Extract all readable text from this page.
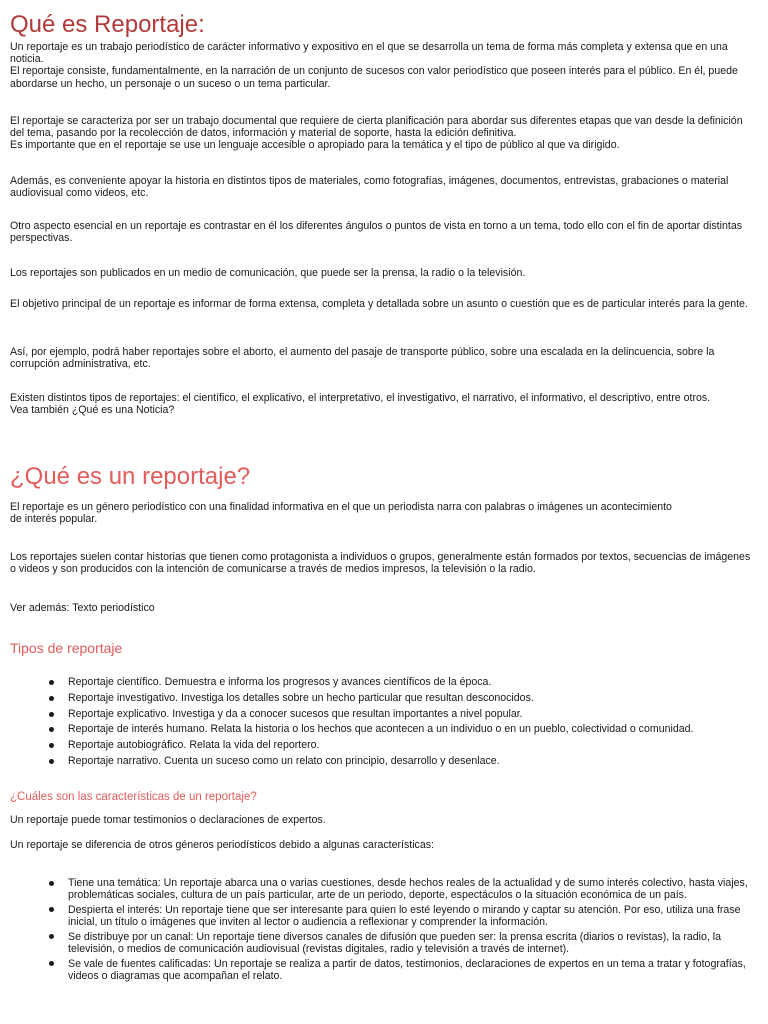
Qué es Reportaje:

Un reportaje es un trabajo periodístico de carácter informativo y expositivo en el que se desarrolla un tema de forma más completa y extensa que en una noticia.
El reportaje consiste, fundamentalmente, en la narración de un conjunto de sucesos con valor periodístico que poseen interés para el público. En él, puede abordarse un hecho, un personaje o un suceso o un tema particular.

El reportaje se caracteriza por ser un trabajo documental que requiere de cierta planificación para abordar sus diferentes etapas que van desde la definición del tema, pasando por la recolección de datos, información y material de soporte, hasta la edición definitiva.
Es importante que en el reportaje se use un lenguaje accesible o apropiado para la temática y el tipo de público al que va dirigido.

Además, es conveniente apoyar la historia en distintos tipos de materiales, como fotografías, imágenes, documentos, entrevistas, grabaciones o material audiovisual como videos, etc.

Otro aspecto esencial en un reportaje es contrastar en él los diferentes ángulos o puntos de vista en torno a un tema, todo ello con el fin de aportar distintas perspectivas.

Los reportajes son publicados en un medio de comunicación, que puede ser la prensa, la radio o la televisión.

El objetivo principal de un reportaje es informar de forma extensa, completa y detallada sobre un asunto o cuestión que es de particular interés para la gente.

Así, por ejemplo, podrá haber reportajes sobre el aborto, el aumento del pasaje de transporte público, sobre una escalada en la delincuencia, sobre la corrupción administrativa, etc.

Existen distintos tipos de reportajes: el científico, el explicativo, el interpretativo, el investigativo, el narrativo, el informativo, el descriptivo, entre otros.
Vea también ¿Qué es una Noticia?

¿Qué es un reportaje?

El reportaje es un género periodístico con una finalidad informativa en el que un periodista narra con palabras o imágenes un acontecimiento
de interés popular.

Los reportajes suelen contar historias que tienen como protagonista a individuos o grupos, generalmente están formados por textos, secuencias de imágenes o videos y son producidos con la intención de comunicarse a través de medios impresos, la televisión o la radio.

Ver además: Texto periodístico

Tipos de reportaje
Reportaje científico. Demuestra e informa los progresos y avances científicos de la época.
Reportaje investigativo. Investiga los detalles sobre un hecho particular que resultan desconocidos.
Reportaje explicativo. Investiga y da a conocer sucesos que resultan importantes a nivel popular.
Reportaje de interés humano. Relata la historia o los hechos que acontecen a un individuo o en un pueblo, colectividad o comunidad.
Reportaje autobiográfico. Relata la vida del reportero.
Reportaje narrativo. Cuenta un suceso como un relato con principio, desarrollo y desenlace.
¿Cuáles son las características de un reportaje?

Un reportaje puede tomar testimonios o declaraciones de expertos.

Un reportaje se diferencia de otros géneros periodísticos debido a algunas características:

Tiene una temática: Un reportaje abarca una o varias cuestiones, desde hechos reales de la actualidad y de sumo interés colectivo, hasta viajes, problemáticas sociales, cultura de un país particular, arte de un periodo, deporte, espectáculos o la situación económica de un país.
Despierta el interés: Un reportaje tiene que ser interesante para quien lo esté leyendo o mirando y captar su atención. Por eso, utiliza una frase inicial, un título o imágenes que inviten al lector o audiencia a reflexionar y comprender la información.
Se distribuye por un canal: Un reportaje tiene diversos canales de difusión que pueden ser: la prensa escrita (diarios o revistas), la radio, la televisión, o medios de comunicación audiovisual (revistas digitales, radio y televisión a través de internet).
Se vale de fuentes calificadas: Un reportaje se realiza a partir de datos, testimonios, declaraciones de expertos en un tema a tratar y fotografías, videos o diagramas que acompañan el relato.
